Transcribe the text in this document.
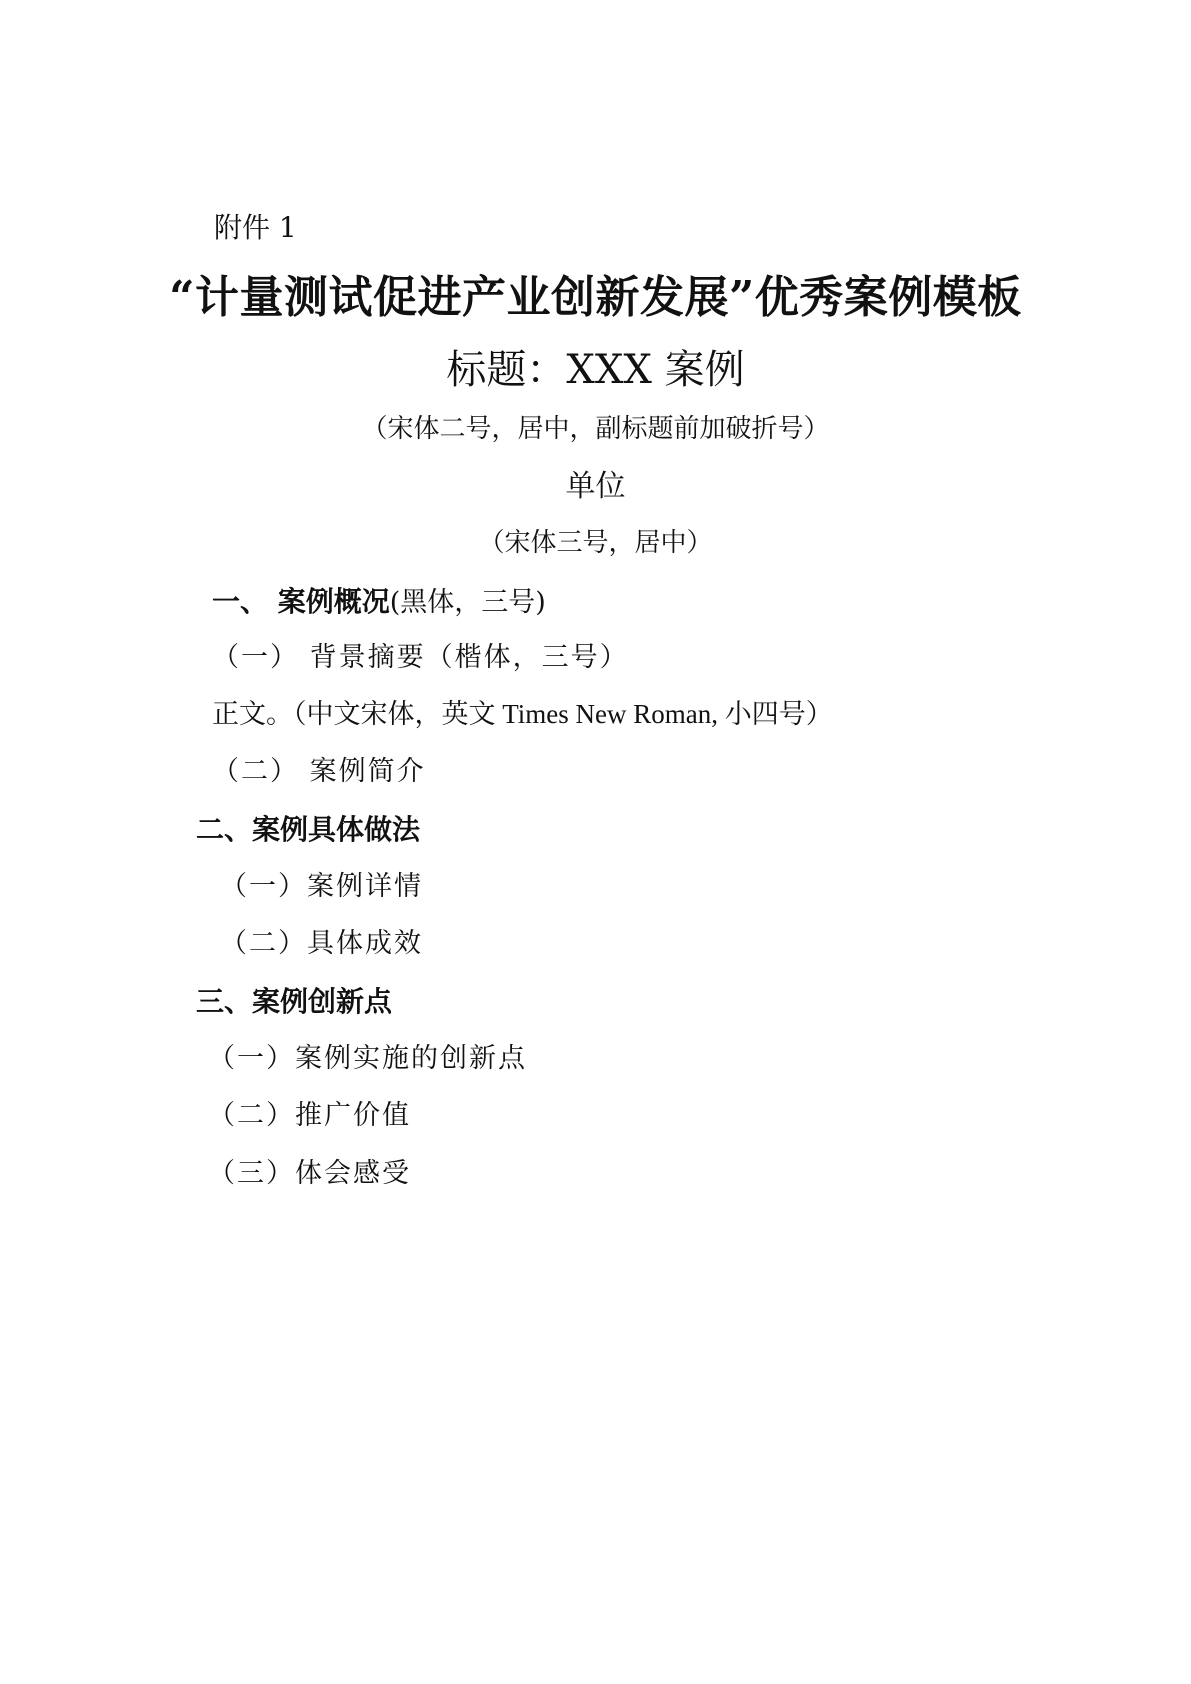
附件 1
“计量测试促进产业创新发展”优秀案例模板
标题：XXX 案例
（宋体二号，居中，副标题前加破折号）
单位
（宋体三号，居中）
一、 案例概况(黑体，三号)
（一） 背景摘要（楷体，三号）
正文。（中文宋体，英文 Times New Roman, 小四号）
（二） 案例简介
二、案例具体做法
（一）案例详情
（二）具体成效
三、案例创新点
（一）案例实施的创新点
（二）推广价值
（三）体会感受
